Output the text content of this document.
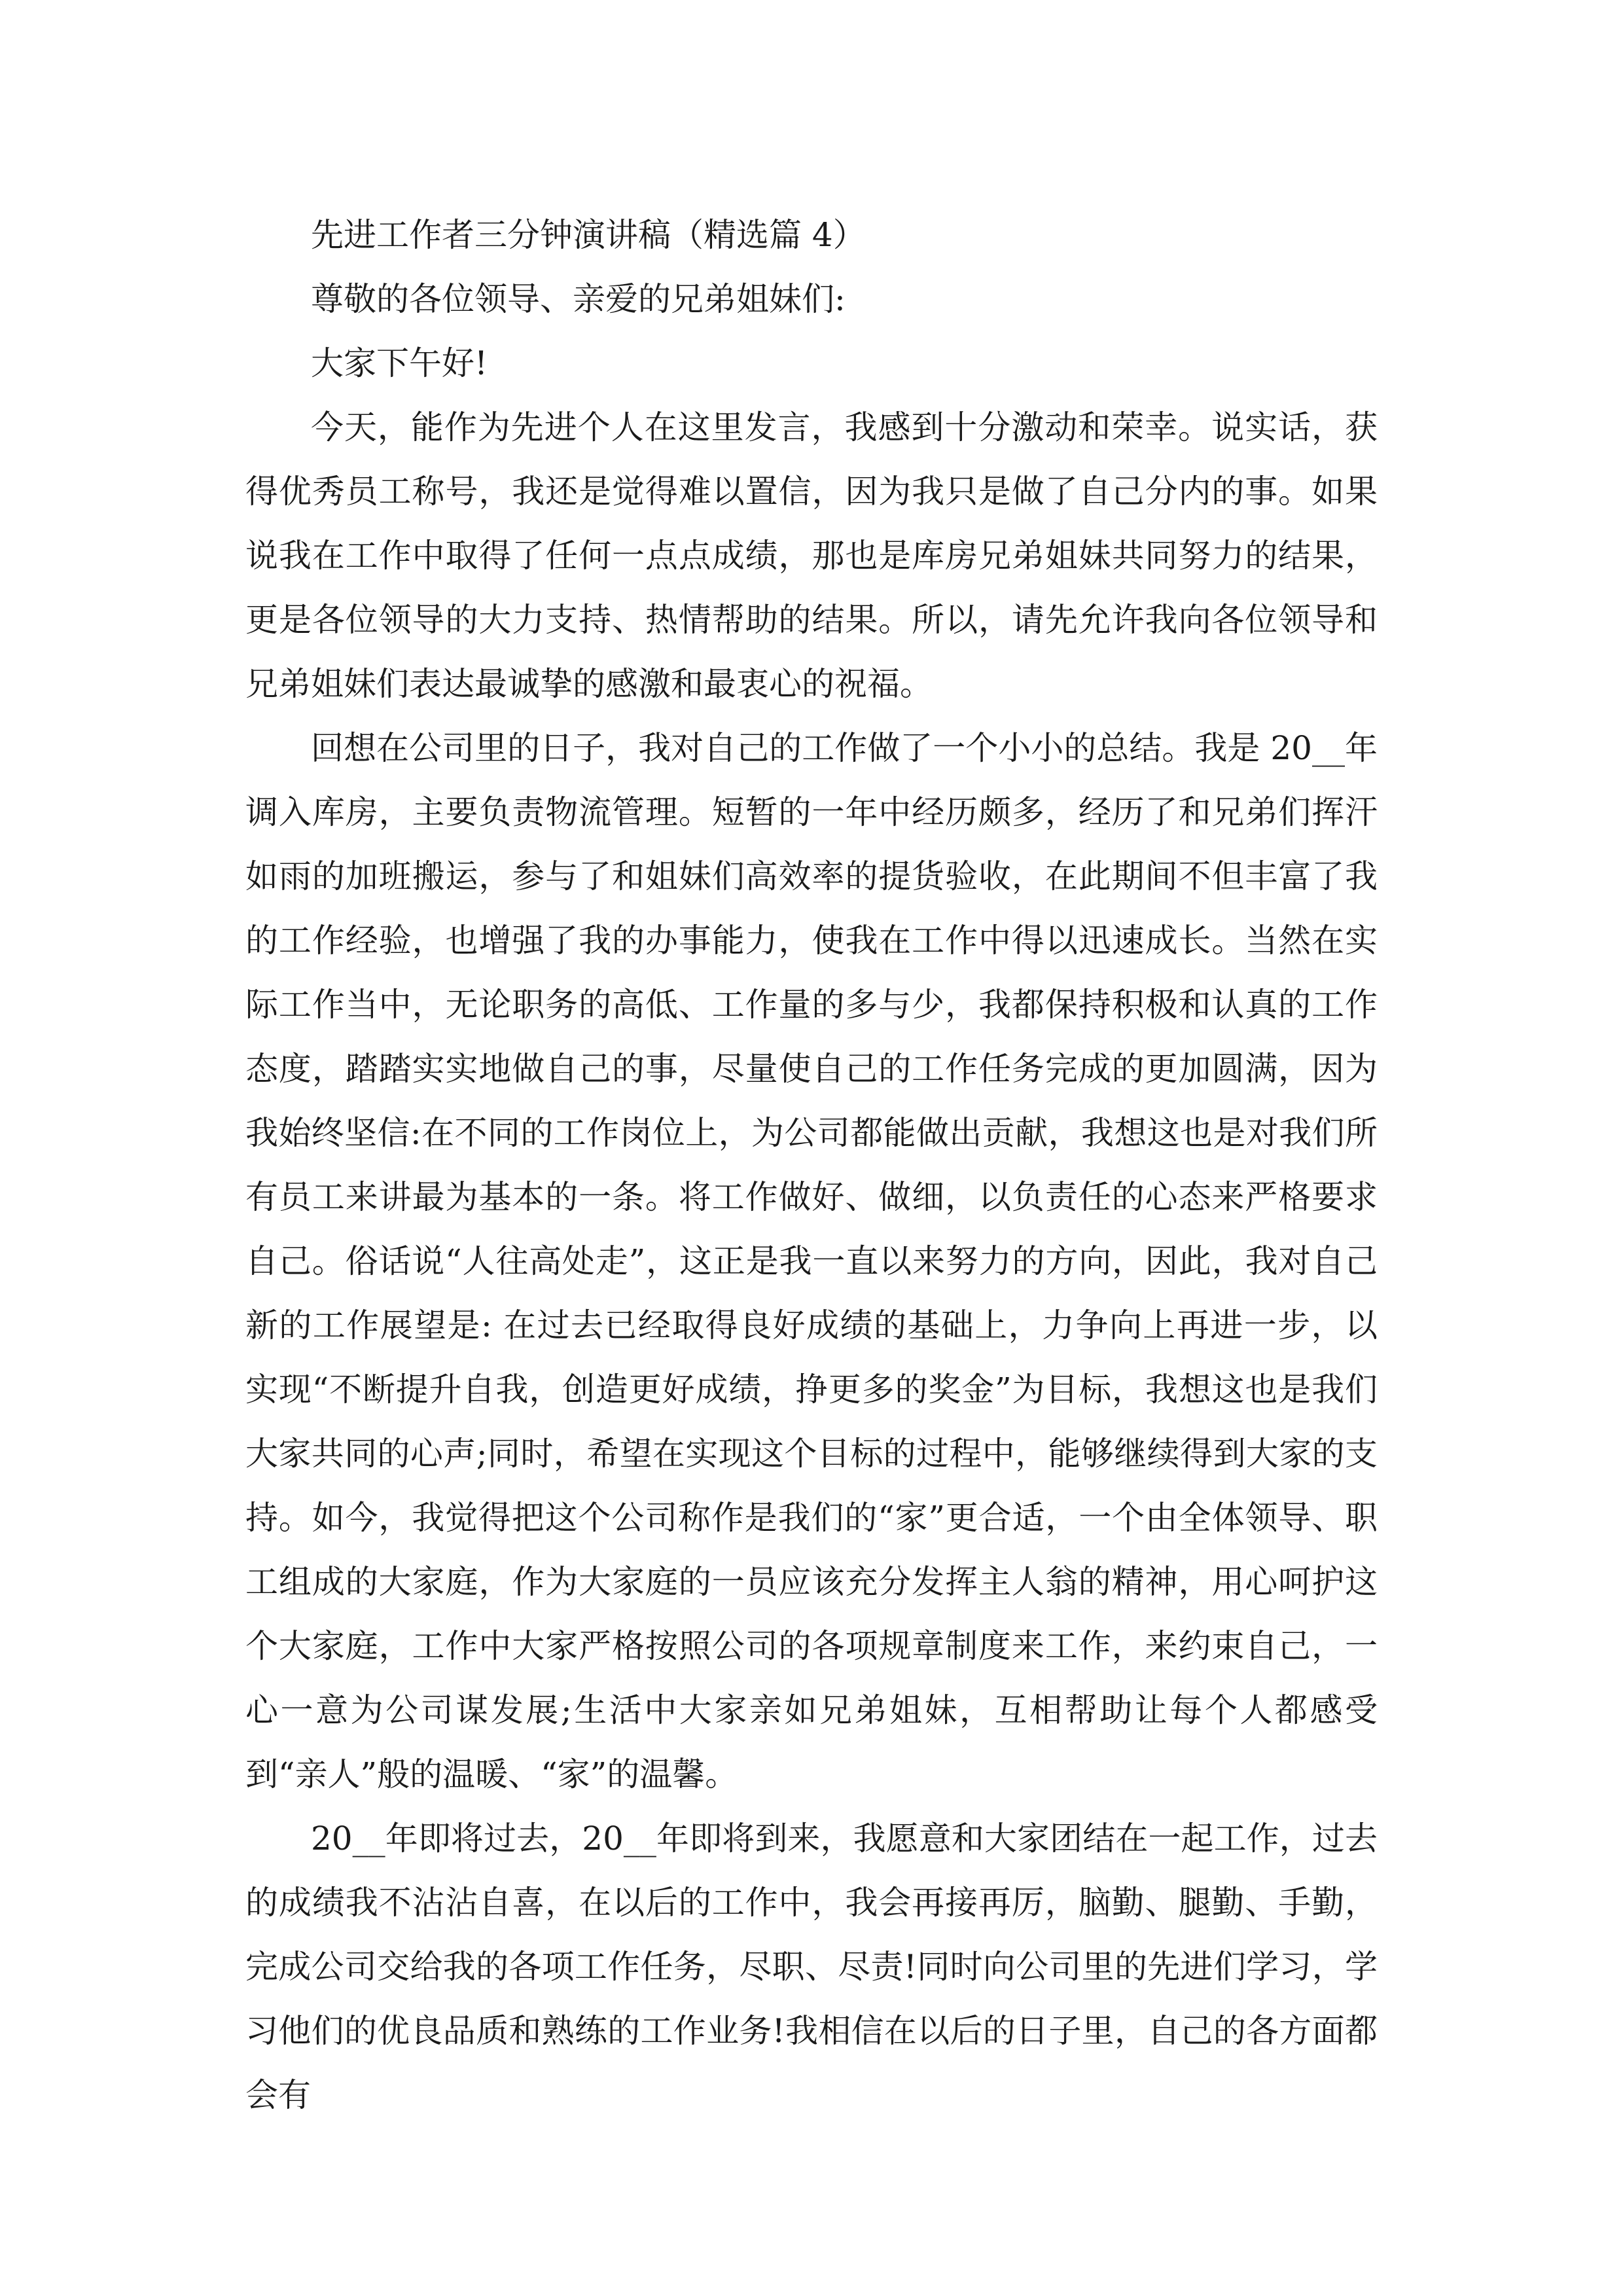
先进工作者三分钟演讲稿（精选篇 4）

尊敬的各位领导、亲爱的兄弟姐妹们:

大家下午好!

今天，能作为先进个人在这里发言，我感到十分激动和荣幸。说实话，获得优秀员工称号，我还是觉得难以置信，因为我只是做了自己分内的事。如果说我在工作中取得了任何一点点成绩，那也是库房兄弟姐妹共同努力的结果，更是各位领导的大力支持、热情帮助的结果。所以，请先允许我向各位领导和兄弟姐妹们表达最诚挚的感激和最衷心的祝福。

回想在公司里的日子，我对自己的工作做了一个小小的总结。我是 20__年调入库房，主要负责物流管理。短暂的一年中经历颇多，经历了和兄弟们挥汗如雨的加班搬运，参与了和姐妹们高效率的提货验收，在此期间不但丰富了我的工作经验，也增强了我的办事能力，使我在工作中得以迅速成长。当然在实际工作当中，无论职务的高低、工作量的多与少，我都保持积极和认真的工作态度，踏踏实实地做自己的事，尽量使自己的工作任务完成的更加圆满，因为我始终坚信:在不同的工作岗位上，为公司都能做出贡献，我想这也是对我们所有员工来讲最为基本的一条。将工作做好、做细，以负责任的心态来严格要求自己。俗话说“人往高处走”，这正是我一直以来努力的方向，因此，我对自己新的工作展望是: 在过去已经取得良好成绩的基础上，力争向上再进一步，以实现“不断提升自我，创造更好成绩，挣更多的奖金”为目标，我想这也是我们大家共同的心声;同时，希望在实现这个目标的过程中，能够继续得到大家的支持。如今，我觉得把这个公司称作是我们的“家”更合适，一个由全体领导、职工组成的大家庭，作为大家庭的一员应该充分发挥主人翁的精神，用心呵护这个大家庭，工作中大家严格按照公司的各项规章制度来工作，来约束自己，一心一意为公司谋发展;生活中大家亲如兄弟姐妹，互相帮助让每个人都感受到“亲人”般的温暖、“家”的温馨。

20__年即将过去，20__年即将到来，我愿意和大家团结在一起工作，过去的成绩我不沾沾自喜，在以后的工作中，我会再接再厉，脑勤、腿勤、手勤，完成公司交给我的各项工作任务，尽职、尽责!同时向公司里的先进们学习，学习他们的优良品质和熟练的工作业务!我相信在以后的日子里，自己的各方面都会有
